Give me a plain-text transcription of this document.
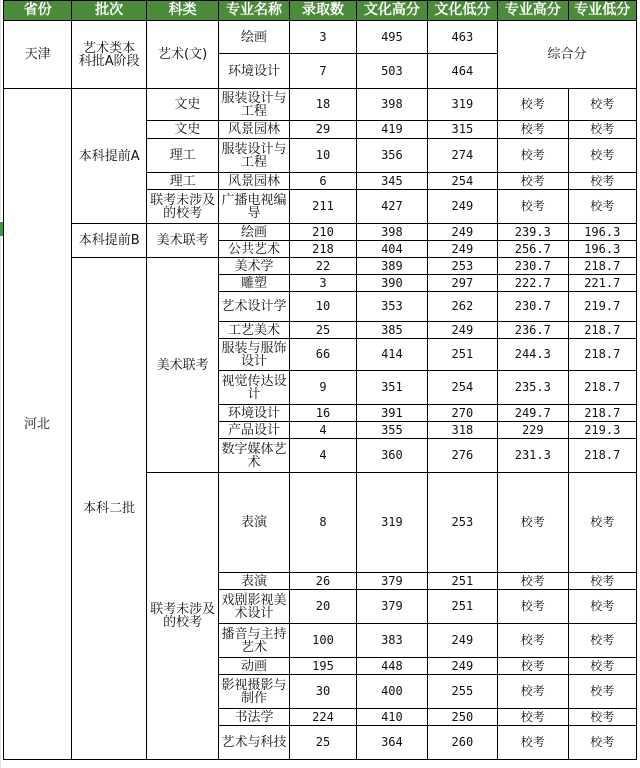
省份	批次	科类	专业名称	录取数	文化高分	文化低分	专业高分	专业低分
天津	艺术类本科批A阶段	艺术(文)	绘画	3	495	463	综合分	
			环境设计	7	503	464		
河北	本科提前A	文史	服装设计与工程	18	398	319	校考	校考
		文史	风景园林	29	419	315	校考	校考
		理工	服装设计与工程	10	356	274	校考	校考
		理工	风景园林	6	345	254	校考	校考
		联考未涉及的校考	广播电视编导	211	427	249	校考	校考
	本科提前B	美术联考	绘画	210	398	249	239.3	196.3
			公共艺术	218	404	249	256.7	196.3
	本科二批	美术联考	美术学	22	389	253	230.7	218.7
			雕塑	3	390	297	222.7	221.7
			艺术设计学	10	353	262	230.7	219.7
			工艺美术	25	385	249	236.7	218.7
			服装与服饰设计	66	414	251	244.3	218.7
			视觉传达设计	9	351	254	235.3	218.7
			环境设计	16	391	270	249.7	218.7
			产品设计	4	355	318	229	219.3
			数字媒体艺术	4	360	276	231.3	218.7
		联考未涉及的校考	表演	8	319	253	校考	校考
			表演	26	379	251	校考	校考
			戏剧影视美术设计	20	379	251	校考	校考
			播音与主持艺术	100	383	249	校考	校考
			动画	195	448	249	校考	校考
			影视摄影与制作	30	400	255	校考	校考
			书法学	224	410	250	校考	校考
			艺术与科技	25	364	260	校考	校考
